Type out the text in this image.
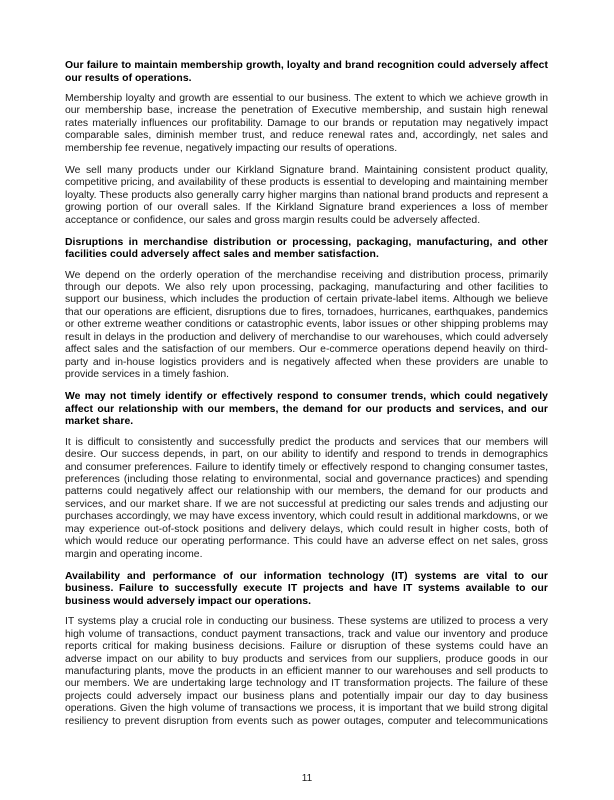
Our failure to maintain membership growth, loyalty and brand recognition could adversely affect our results of operations.

Membership loyalty and growth are essential to our business. The extent to which we achieve growth in our membership base, increase the penetration of Executive membership, and sustain high renewal rates materially influences our profitability. Damage to our brands or reputation may negatively impact comparable sales, diminish member trust, and reduce renewal rates and, accordingly, net sales and membership fee revenue, negatively impacting our results of operations.

We sell many products under our Kirkland Signature brand. Maintaining consistent product quality, competitive pricing, and availability of these products is essential to developing and maintaining member loyalty. These products also generally carry higher margins than national brand products and represent a growing portion of our overall sales. If the Kirkland Signature brand experiences a loss of member acceptance or confidence, our sales and gross margin results could be adversely affected.

Disruptions in merchandise distribution or processing, packaging, manufacturing, and other facilities could adversely affect sales and member satisfaction.

We depend on the orderly operation of the merchandise receiving and distribution process, primarily through our depots. We also rely upon processing, packaging, manufacturing and other facilities to support our business, which includes the production of certain private-label items. Although we believe that our operations are efficient, disruptions due to fires, tornadoes, hurricanes, earthquakes, pandemics or other extreme weather conditions or catastrophic events, labor issues or other shipping problems may result in delays in the production and delivery of merchandise to our warehouses, which could adversely affect sales and the satisfaction of our members. Our e-commerce operations depend heavily on third-party and in-house logistics providers and is negatively affected when these providers are unable to provide services in a timely fashion.

We may not timely identify or effectively respond to consumer trends, which could negatively affect our relationship with our members, the demand for our products and services, and our market share.

It is difficult to consistently and successfully predict the products and services that our members will desire. Our success depends, in part, on our ability to identify and respond to trends in demographics and consumer preferences. Failure to identify timely or effectively respond to changing consumer tastes, preferences (including those relating to environmental, social and governance practices) and spending patterns could negatively affect our relationship with our members, the demand for our products and services, and our market share. If we are not successful at predicting our sales trends and adjusting our purchases accordingly, we may have excess inventory, which could result in additional markdowns, or we may experience out-of-stock positions and delivery delays, which could result in higher costs, both of which would reduce our operating performance. This could have an adverse effect on net sales, gross margin and operating income.

Availability and performance of our information technology (IT) systems are vital to our business. Failure to successfully execute IT projects and have IT systems available to our business would adversely impact our operations.

IT systems play a crucial role in conducting our business. These systems are utilized to process a very high volume of transactions, conduct payment transactions, track and value our inventory and produce reports critical for making business decisions. Failure or disruption of these systems could have an adverse impact on our ability to buy products and services from our suppliers, produce goods in our manufacturing plants, move the products in an efficient manner to our warehouses and sell products to our members. We are undertaking large technology and IT transformation projects. The failure of these projects could adversely impact our business plans and potentially impair our day to day business operations. Given the high volume of transactions we process, it is important that we build strong digital resiliency to prevent disruption from events such as power outages, computer and telecommunications

11
